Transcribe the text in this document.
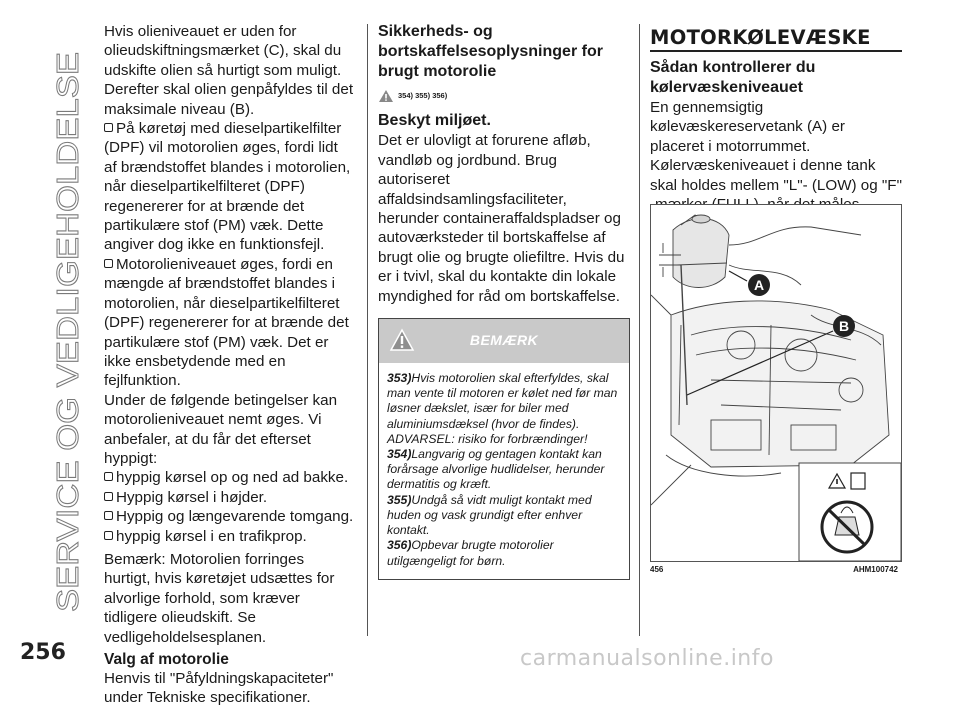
SERVICE OG VEDLIGEHOLDELSE

Hvis olieniveauet er uden for olieudskiftningsmærket (C), skal du udskifte olien så hurtigt som muligt. Derefter skal olien genpåfyldes til det maksimale niveau (B).

På køretøj med dieselpartikelfilter (DPF) vil motorolien øges, fordi lidt af brændstoffet blandes i motorolien, når dieselpartikelfilteret (DPF) regenererer for at brænde det partikulære stof (PM) væk. Dette angiver dog ikke en funktionsfejl.

Motorolieniveauet øges, fordi en mængde af brændstoffet blandes i motorolien, når dieselpartikelfilteret (DPF) regenererer for at brænde det partikulære stof (PM) væk. Det er ikke ensbetydende med en fejlfunktion.

Under de følgende betingelser kan motorolieniveauet nemt øges. Vi anbefaler, at du får det efterset hyppigt:

hyppig kørsel op og ned ad bakke.

Hyppig kørsel i højder.

Hyppig og længevarende tomgang.

hyppig kørsel i en trafikprop.

Bemærk: Motorolien forringes hurtigt, hvis køretøjet udsættes for alvorlige forhold, som kræver tidligere olieudskift. Se vedligeholdelsesplanen.

Valg af motorolie

Henvis til "Påfyldningskapaciteter" under Tekniske specifikationer.

Sikkerheds- og bortskaffelsesoplysninger for brugt motorolie

354) 355) 356)

Beskyt miljøet.

Det er ulovligt at forurene afløb, vandløb og jordbund. Brug autoriseret affaldsindsamlingsfaciliteter, herunder containeraffaldspladser og autoværksteder til bortskaffelse af brugt olie og brugte oliefiltre. Hvis du er i tvivl, skal du kontakte din lokale myndighed for råd om bortskaffelse.

BEMÆRK

353)Hvis motorolien skal efterfyldes, skal man vente til motoren er kølet ned før man løsner dækslet, især for biler med aluminiumsdæksel (hvor de findes). ADVARSEL: risiko for forbrændinger!

354)Langvarig og gentagen kontakt kan forårsage alvorlige hudlidelser, herunder dermatitis og kræft.

355)Undgå så vidt muligt kontakt med huden og vask grundigt efter enhver kontakt.

356)Opbevar brugte motorolier utilgængeligt for børn.

MOTORKØLEVÆSKE

Sådan kontrollerer du kølervæskeniveauet

En gennemsigtig kølevæskereservetank (A) er placeret i motorrummet. Kølervæskeniveauet i denne tank skal holdes mellem "L"- (LOW) og "F"

A
B
456	AHM100742
256	carmanualsonline.info
